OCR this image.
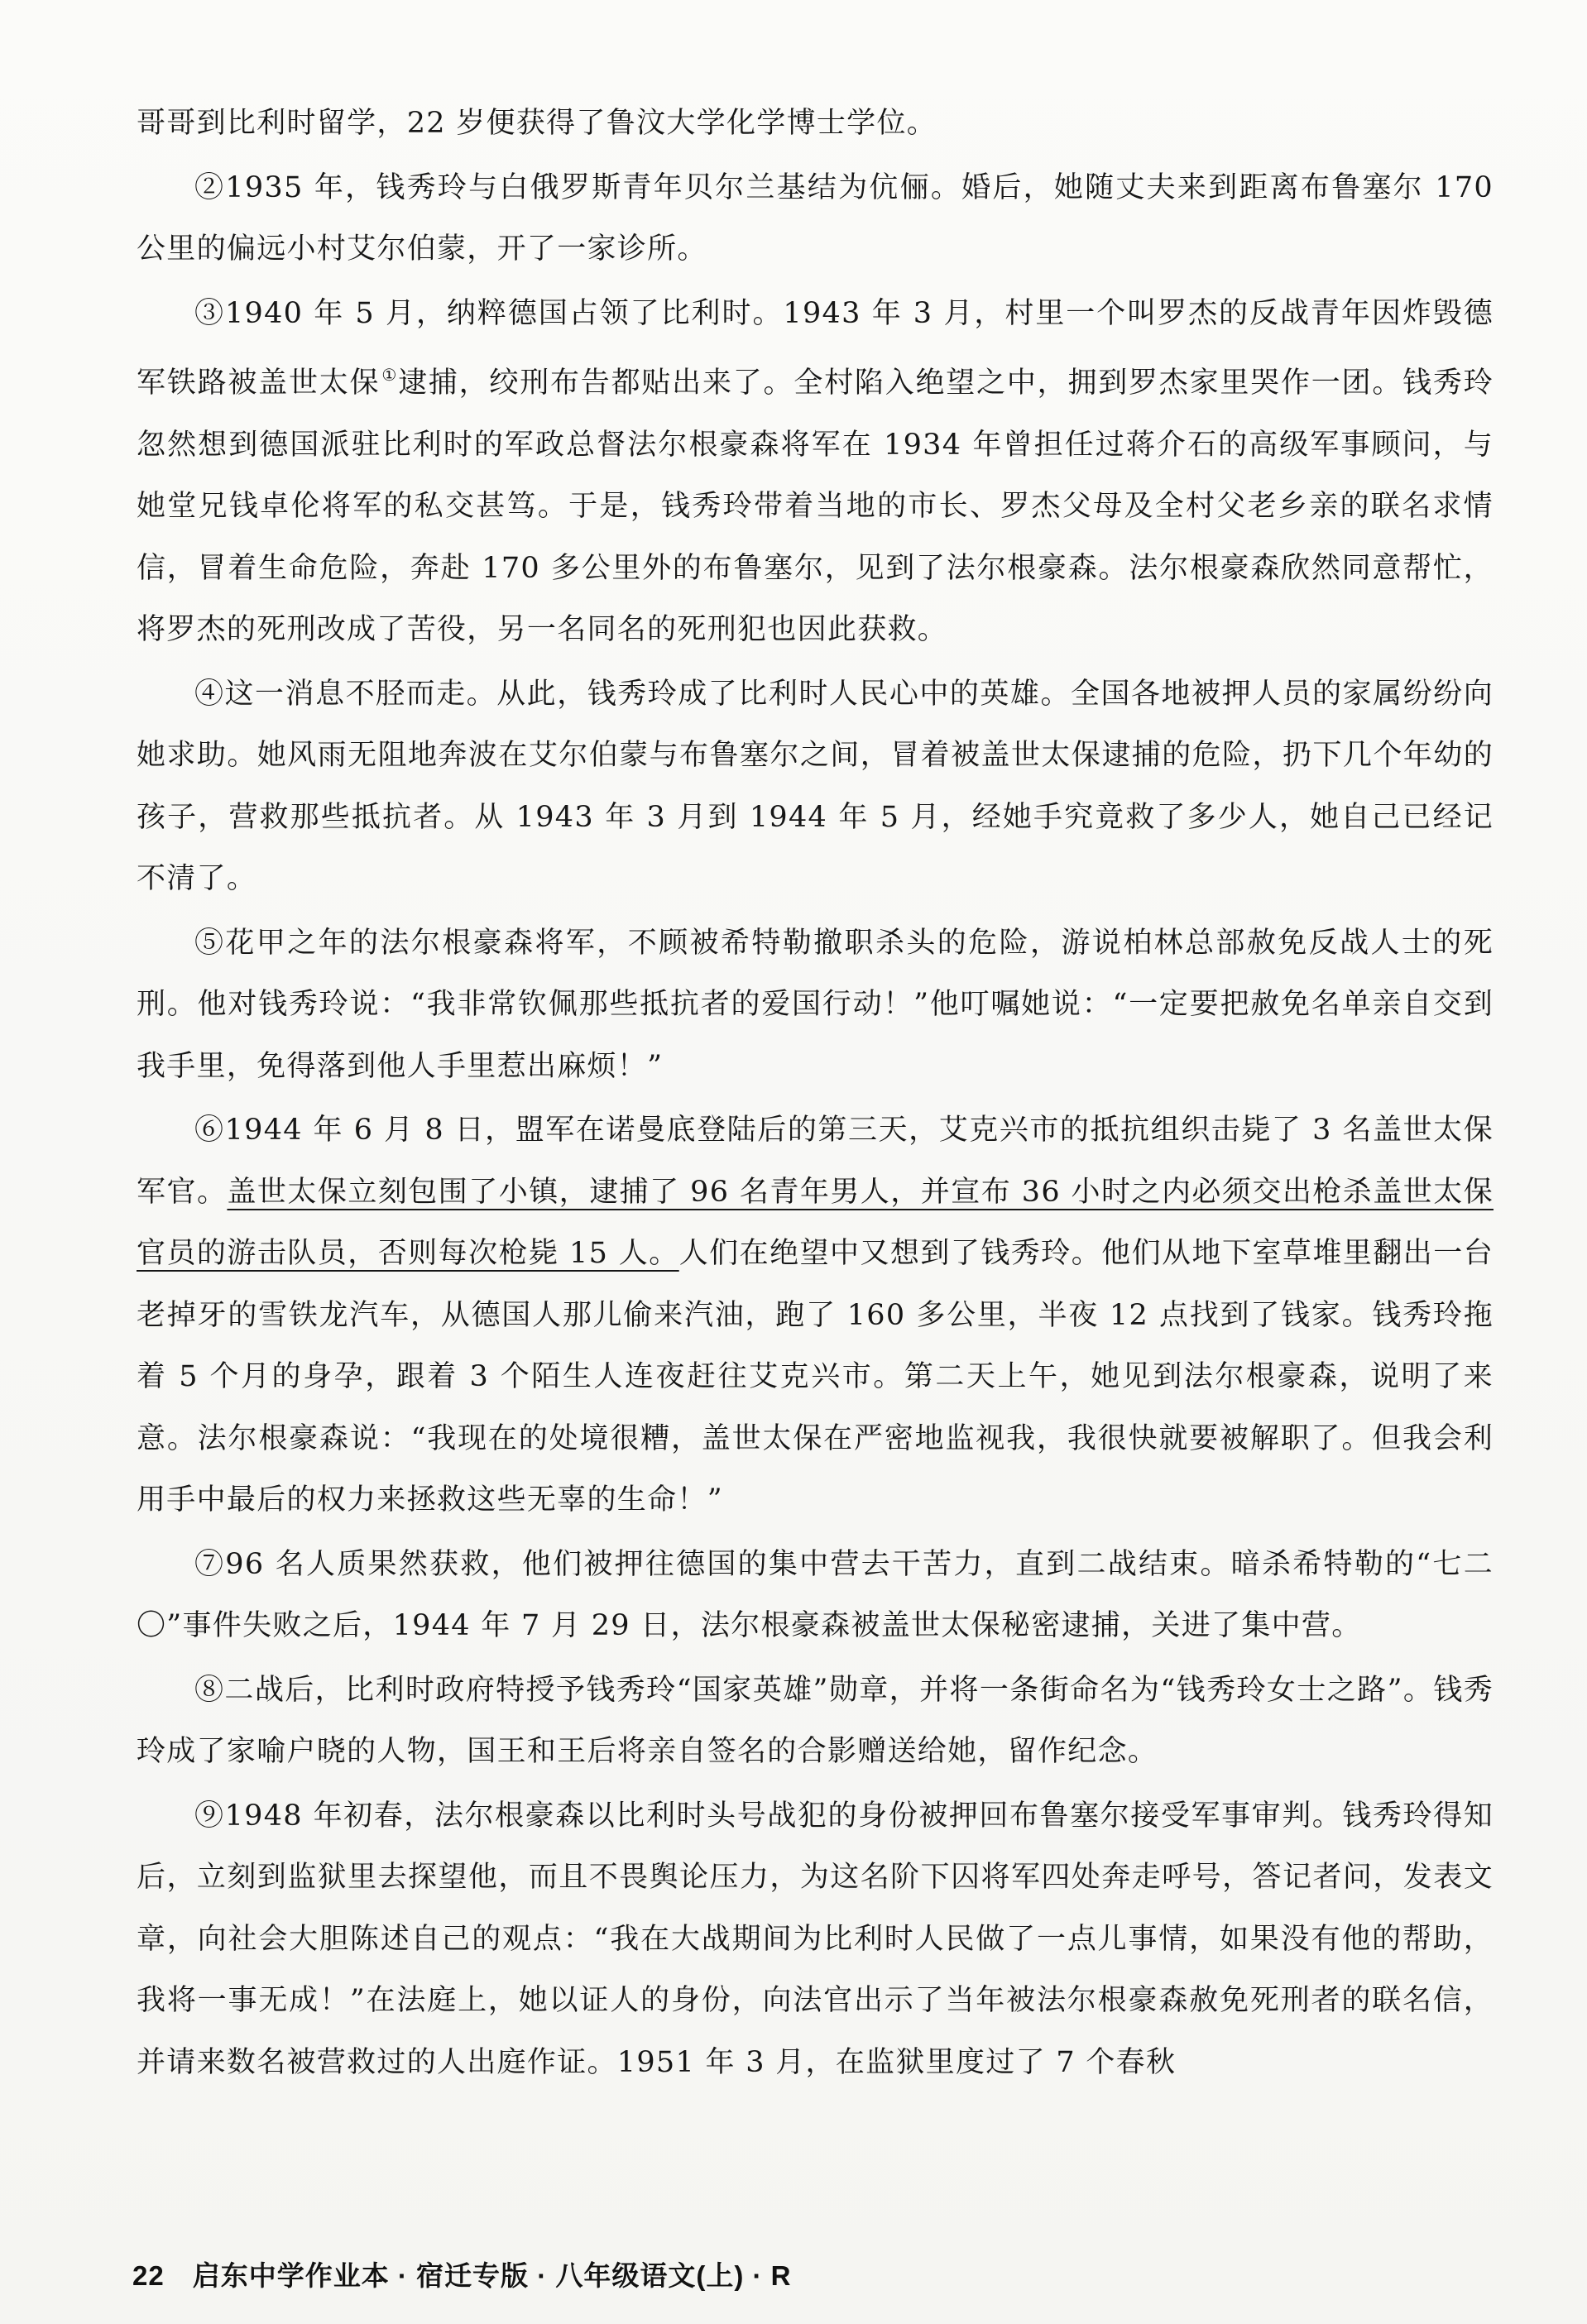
哥哥到比利时留学，22 岁便获得了鲁汶大学化学博士学位。

②1935 年，钱秀玲与白俄罗斯青年贝尔兰基结为伉俪。婚后，她随丈夫来到距离布鲁塞尔 170 公里的偏远小村艾尔伯蒙，开了一家诊所。

③1940 年 5 月，纳粹德国占领了比利时。1943 年 3 月，村里一个叫罗杰的反战青年因炸毁德军铁路被盖世太保 ①逮捕，绞刑布告都贴出来了。全村陷入绝望之中，拥到罗杰家里哭作一团。钱秀玲忽然想到德国派驻比利时的军政总督法尔根豪森将军在 1934 年曾担任过蒋介石的高级军事顾问，与她堂兄钱卓伦将军的私交甚笃。于是，钱秀玲带着当地的市长、罗杰父母及全村父老乡亲的联名求情信，冒着生命危险，奔赴 170 多公里外的布鲁塞尔，见到了法尔根豪森。法尔根豪森欣然同意帮忙，将罗杰的死刑改成了苦役，另一名同名的死刑犯也因此获救。

④这一消息不胫而走。从此，钱秀玲成了比利时人民心中的英雄。全国各地被押人员的家属纷纷向她求助。她风雨无阻地奔波在艾尔伯蒙与布鲁塞尔之间，冒着被盖世太保逮捕的危险，扔下几个年幼的孩子，营救那些抵抗者。从 1943 年 3 月到 1944 年 5 月，经她手究竟救了多少人，她自己已经记不清了。

⑤花甲之年的法尔根豪森将军，不顾被希特勒撤职杀头的危险，游说柏林总部赦免反战人士的死刑。他对钱秀玲说：“我非常钦佩那些抵抗者的爱国行动！”他叮嘱她说：“一定要把赦免名单亲自交到我手里，免得落到他人手里惹出麻烦！”

⑥1944 年 6 月 8 日，盟军在诺曼底登陆后的第三天，艾克兴市的抵抗组织击毙了 3 名盖世太保军官。盖世太保立刻包围了小镇，逮捕了 96 名青年男人，并宣布 36 小时之内必须交出枪杀盖世太保官员的游击队员，否则每次枪毙 15 人。人们在绝望中又想到了钱秀玲。他们从地下室草堆里翻出一台老掉牙的雪铁龙汽车，从德国人那儿偷来汽油，跑了 160 多公里，半夜 12 点找到了钱家。钱秀玲拖着 5 个月的身孕，跟着 3 个陌生人连夜赶往艾克兴市。第二天上午，她见到法尔根豪森，说明了来意。法尔根豪森说：“我现在的处境很糟，盖世太保在严密地监视我，我很快就要被解职了。但我会利用手中最后的权力来拯救这些无辜的生命！”

⑦96 名人质果然获救，他们被押往德国的集中营去干苦力，直到二战结束。暗杀希特勒的“七二〇”事件失败之后，1944 年 7 月 29 日，法尔根豪森被盖世太保秘密逮捕，关进了集中营。

⑧二战后，比利时政府特授予钱秀玲“国家英雄”勋章，并将一条街命名为“钱秀玲女士之路”。钱秀玲成了家喻户晓的人物，国王和王后将亲自签名的合影赠送给她，留作纪念。

⑨1948 年初春，法尔根豪森以比利时头号战犯的身份被押回布鲁塞尔接受军事审判。钱秀玲得知后，立刻到监狱里去探望他，而且不畏舆论压力，为这名阶下囚将军四处奔走呼号，答记者问，发表文章，向社会大胆陈述自己的观点：“我在大战期间为比利时人民做了一点儿事情，如果没有他的帮助，我将一事无成！”在法庭上，她以证人的身份，向法官出示了当年被法尔根豪森赦免死刑者的联名信，并请来数名被营救过的人出庭作证。1951 年 3 月，在监狱里度过了 7 个春秋

22 启东中学作业本 · 宿迁专版 · 八年级语文(上) · R
